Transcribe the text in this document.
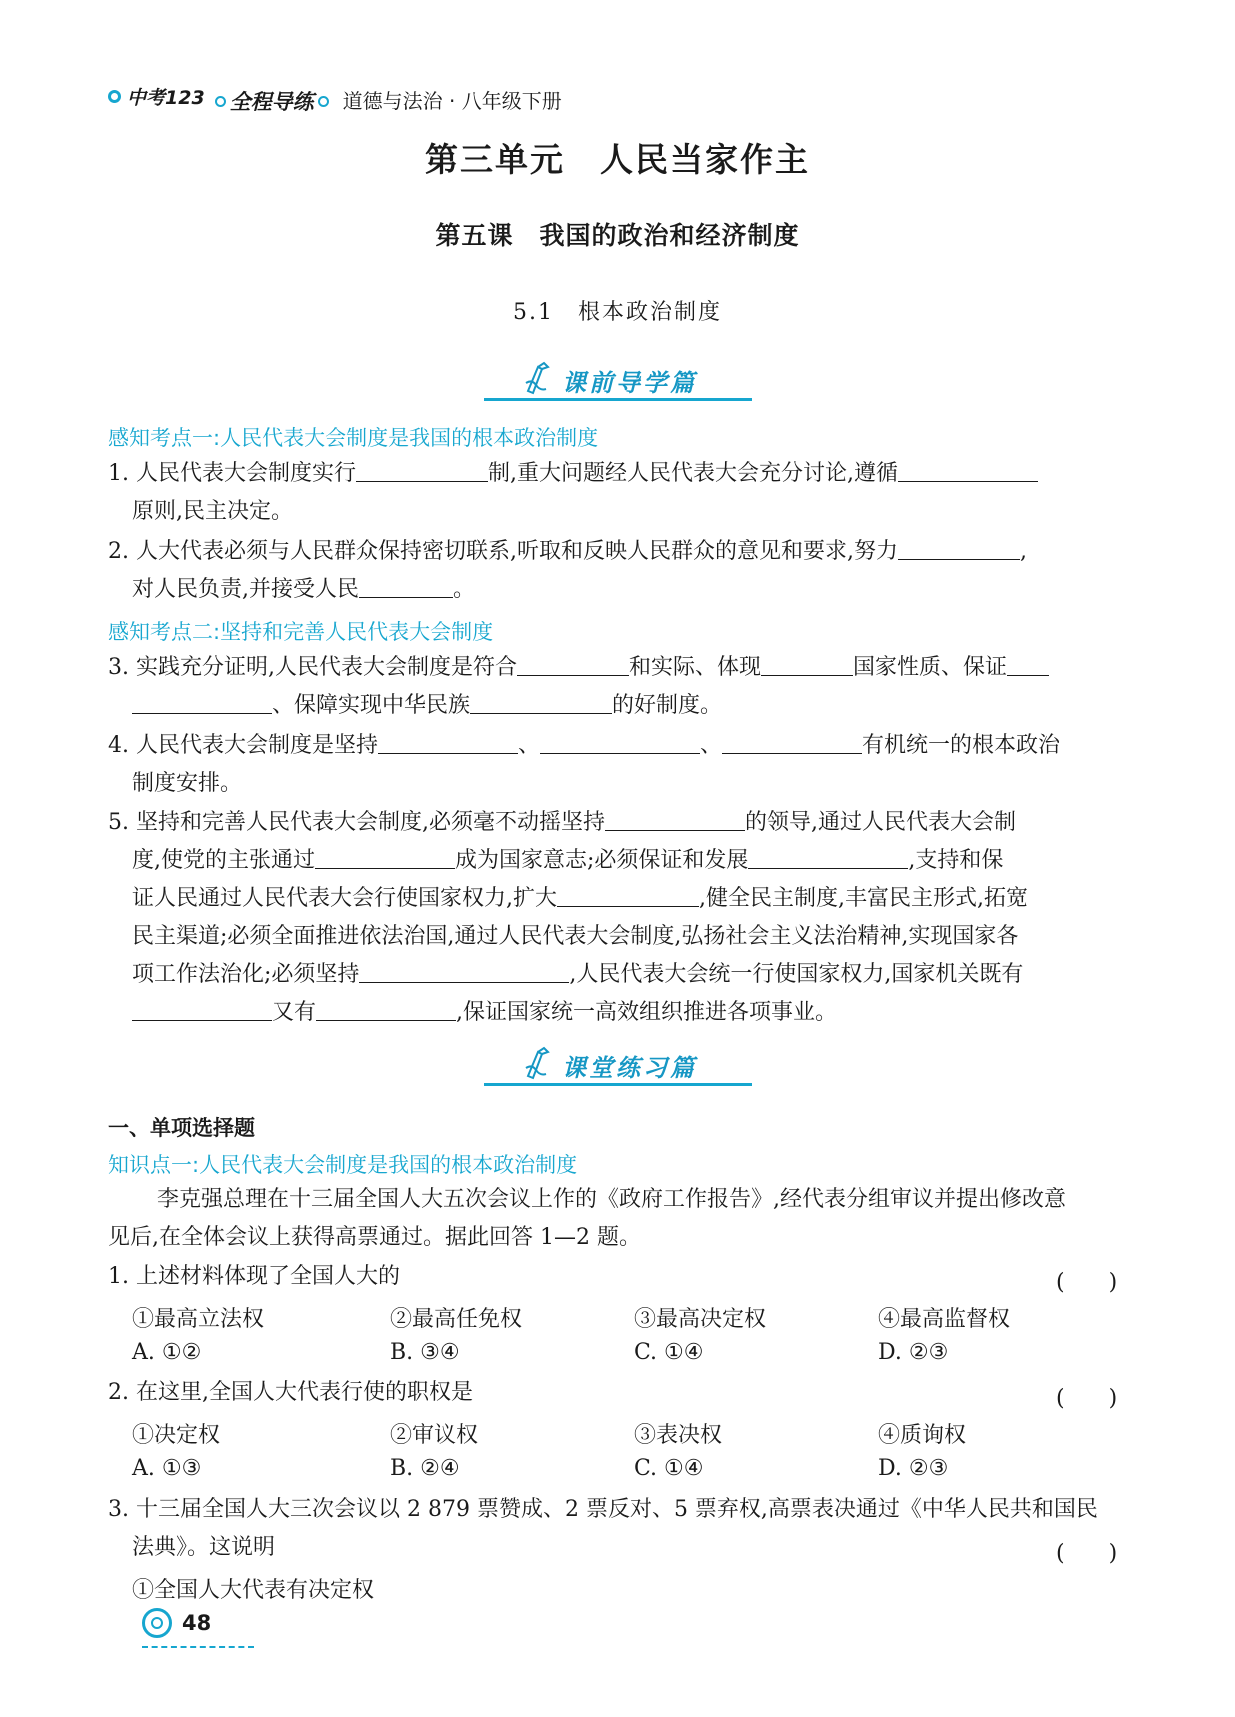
中考123 全程导练 道德与法治 · 八年级下册
第三单元　人民当家作主
第五课　我国的政治和经济制度
5.1　根本政治制度
课前导学篇
感知考点一:人民代表大会制度是我国的根本政治制度
1. 人民代表大会制度实行	制,重大问题经人民代表大会充分讨论,遵循
原则,民主决定。
2. 人大代表必须与人民群众保持密切联系,听取和反映人民群众的意见和要求,努力	,
对人民负责,并接受人民	。
感知考点二:坚持和完善人民代表大会制度
3. 实践充分证明,人民代表大会制度是符合	和实际、体现	国家性质、保证
、保障实现中华民族	的好制度。
4. 人民代表大会制度是坚持	、	、	有机统一的根本政治
制度安排。
5. 坚持和完善人民代表大会制度,必须毫不动摇坚持	的领导,通过人民代表大会制
度,使党的主张通过	成为国家意志;必须保证和发展	,支持和保
证人民通过人民代表大会行使国家权力,扩大	,健全民主制度,丰富民主形式,拓宽
民主渠道;必须全面推进依法治国,通过人民代表大会制度,弘扬社会主义法治精神,实现国家各
项工作法治化;必须坚持	,人民代表大会统一行使国家权力,国家机关既有
又有	,保证国家统一高效组织推进各项事业。
课堂练习篇
一、单项选择题
知识点一:人民代表大会制度是我国的根本政治制度
李克强总理在十三届全国人大五次会议上作的《政府工作报告》,经代表分组审议并提出修改意
见后,在全体会议上获得高票通过。据此回答 1—2 题。
1. 上述材料体现了全国人大的	(　　)
①最高立法权	②最高任免权	③最高决定权	④最高监督权
A. ①②	B. ③④	C. ①④	D. ②③
2. 在这里,全国人大代表行使的职权是	(　　)
①决定权	②审议权	③表决权	④质询权
A. ①③	B. ②④	C. ①④	D. ②③
3. 十三届全国人大三次会议以 2 879 票赞成、2 票反对、5 票弃权,高票表决通过《中华人民共和国民
法典》。这说明	(　　)
①全国人大代表有决定权
48
